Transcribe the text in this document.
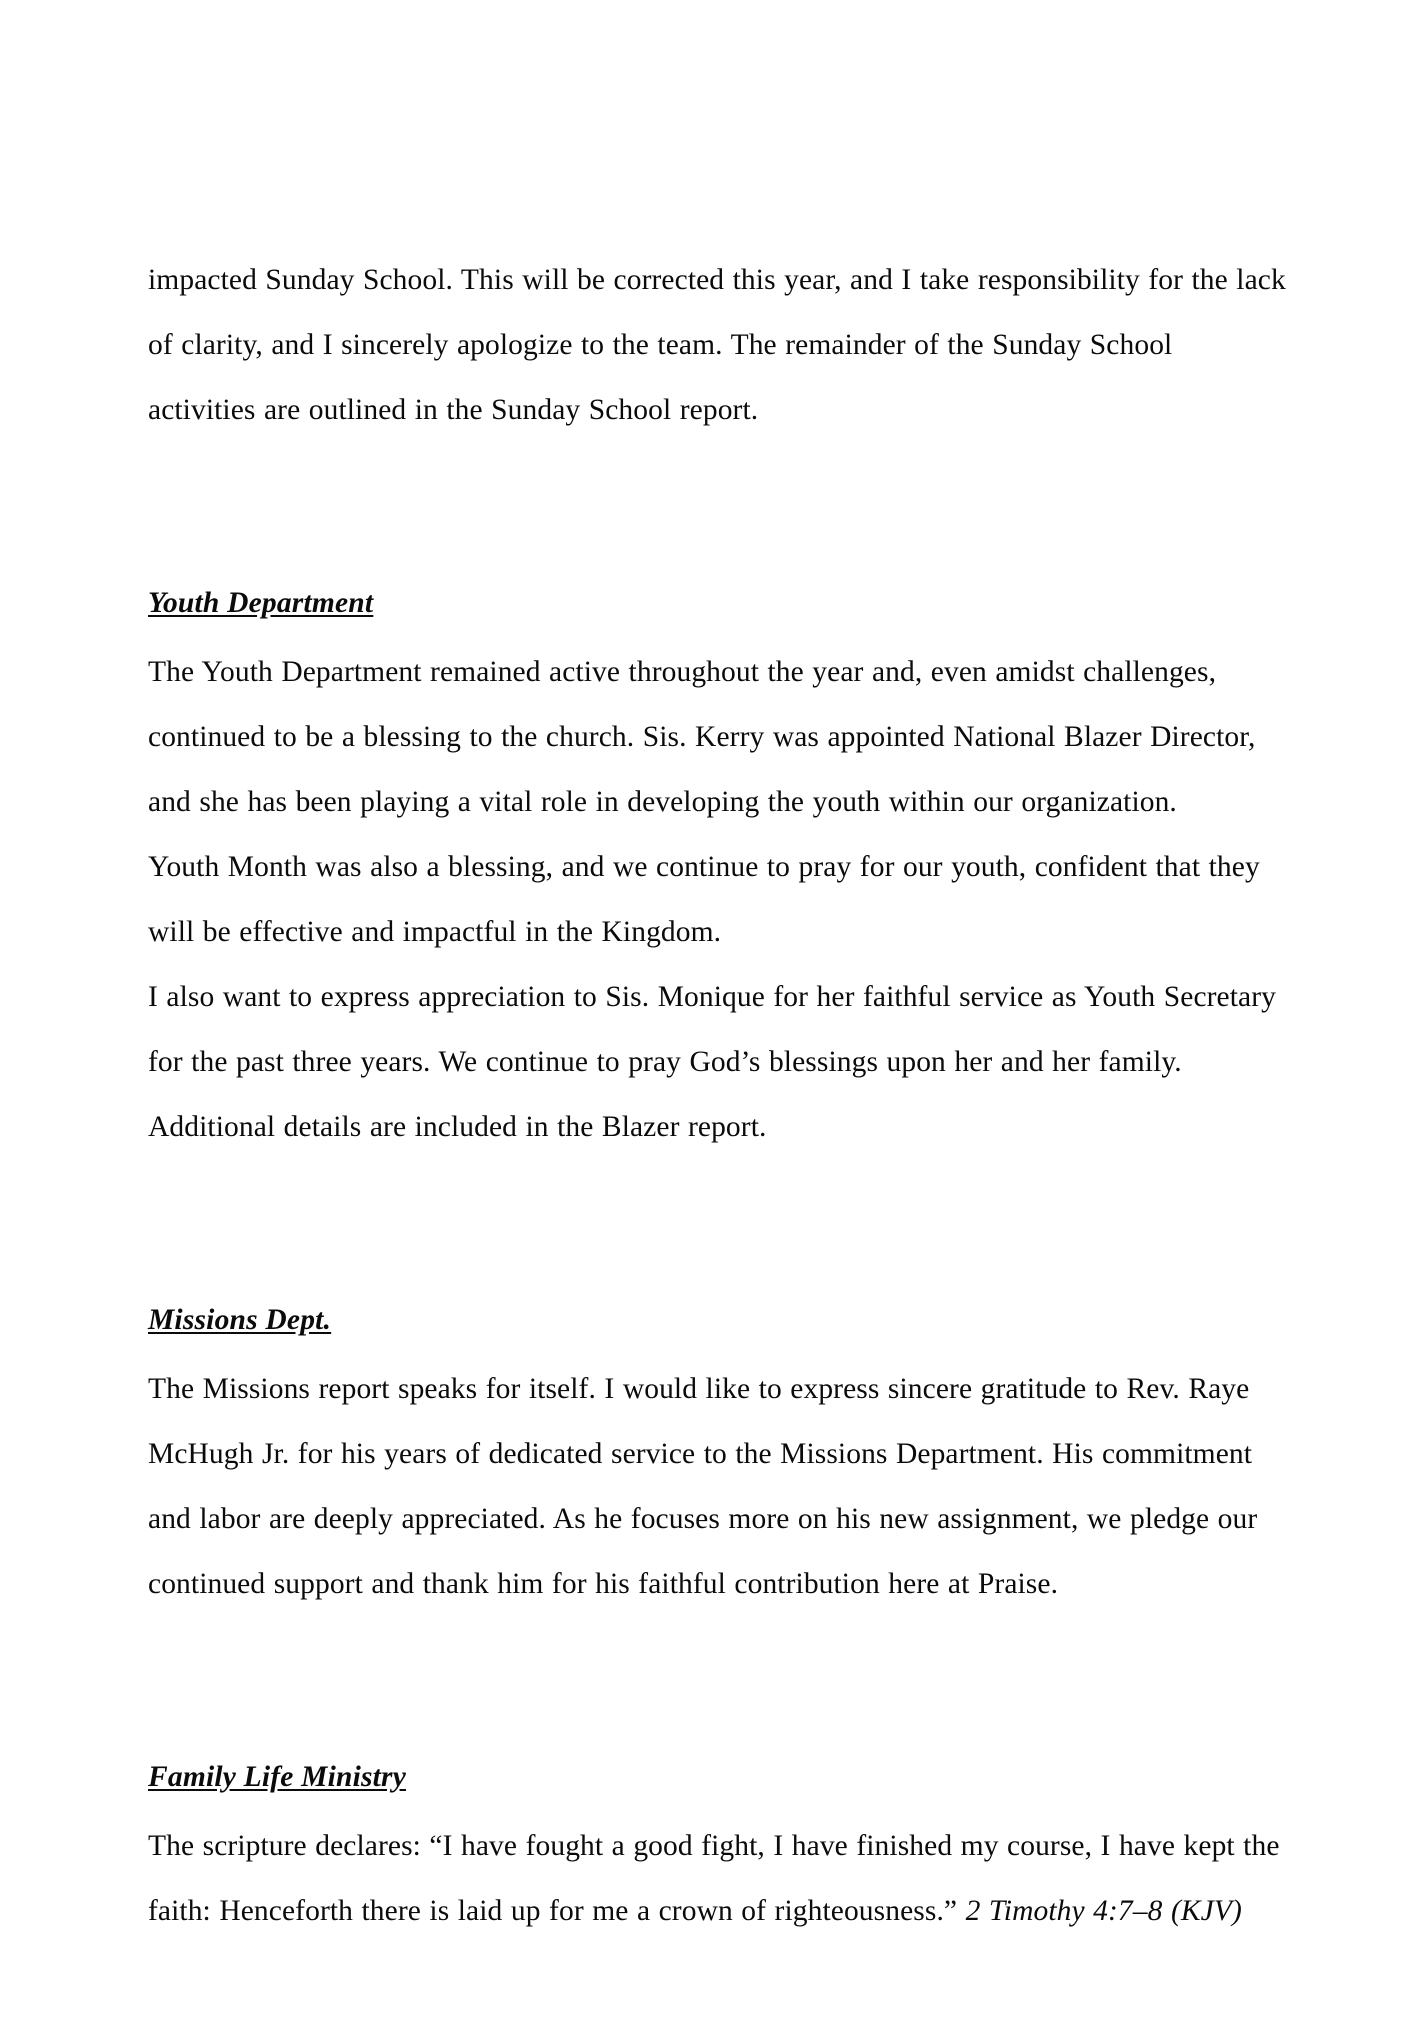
impacted Sunday School. This will be corrected this year, and I take responsibility for the lack of clarity, and I sincerely apologize to the team. The remainder of the Sunday School activities are outlined in the Sunday School report.

Youth Department

The Youth Department remained active throughout the year and, even amidst challenges, continued to be a blessing to the church. Sis. Kerry was appointed National Blazer Director, and she has been playing a vital role in developing the youth within our organization.

Youth Month was also a blessing, and we continue to pray for our youth, confident that they will be effective and impactful in the Kingdom.

I also want to express appreciation to Sis. Monique for her faithful service as Youth Secretary for the past three years. We continue to pray God’s blessings upon her and her family.

Additional details are included in the Blazer report.

Missions Dept.

The Missions report speaks for itself. I would like to express sincere gratitude to Rev. Raye McHugh Jr. for his years of dedicated service to the Missions Department. His commitment and labor are deeply appreciated. As he focuses more on his new assignment, we pledge our continued support and thank him for his faithful contribution here at Praise.

Family Life Ministry

The scripture declares: “I have fought a good fight, I have finished my course, I have kept the faith: Henceforth there is laid up for me a crown of righteousness.” 2 Timothy 4:7–8 (KJV)
